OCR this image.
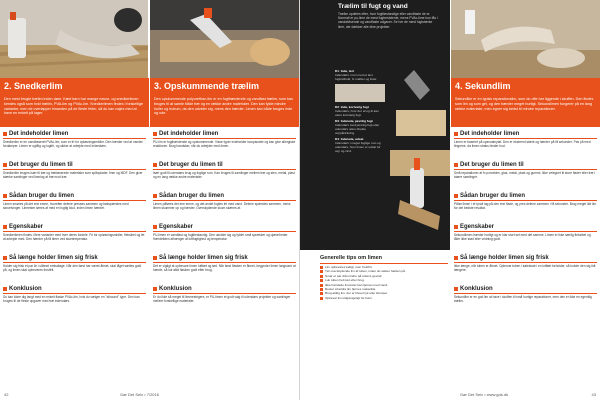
2. Snedkerlim
Den mest brugte trælim inden døre. Kært barn har mange navne, og snedkerlimen kendes også som hvid trælim, PVA-lim og PVAc-lim. Snedkerlimen findes i forskellige varianter, men de overlapper hinanden på de fleste felter, så du kan nøjes med at have en enkelt på lager.
Det indeholder limen
Snedkerlim er en vandbaseret PVAc-lim, som er fri for opløsningsmidler. Den hærder ved at vandet fordamper. Limen er ugiftig og lugtfri, og sikker at arbejde med indendørs.
Det bruger du limen til
Snedkerlim bruges især til træ og træbaserede materialer som spånplader, finer og MDF. Den giver stærke samlinger ved limning af træ mod træ.
Sådan bruger du limen
Limen smøres på det ene emne, hvorefter delene presses sammen og fastspændes med skruetvinger. Limrester tørres af med en fugtig klud, inden limen hærder.
Egenskaber
Snedkerlimen findes i flere varianter med hver deres fordele. Fri for opløsningsmidler, fleksibel og let at arbejde med. Den hærder på få timer ved stuetemperatur.
Så længe holder limen sig frisk
Holder sig frisk et par år i uåbnet emballage. Når den først har været åbnet, skal låget sættes godt på, og limen skal opbevares frostfrit.
Konklusion
Du kan klare dig langt med en enkelt flaske PVAc-lim, hvis du vælger en "allround" type. Den kan bruges til de fleste opgaver med træ indendørs.
3. Opskummende trælim
Den opskummende polyurethan-lim er en fugthærdende og vandfast trælim, som kan bruges til at samle både træ og en række andre materialer. Den kan fylde mindre huller og hulrum, da den udvider sig, mens den hærder. Limen kan både bruges inde og ude.
Det indeholder limen
PU-lim er fugthærdende og opskummende. Visse typer indeholder isocyanater og kan give allergiske reaktioner. Brug handsker, når du arbejder med limen.
Det bruger du limen til
Især godt til udendørs brug og fugtige rum. Kan bruges til samlinger mellem træ og sten, metal, plast og en lang række andre materialer.
Sådan bruger du limen
Limen påføres det ene emne, og det andet fugtes let med vand. Delene spændes sammen, mens limen skummer op og hærder. Overskydende skum skæres af.
Egenskaber
PU-limen er vandfast og fugtbestandig. Den udvider sig og fylder små sprækker og ujævnheder. Hærdetiden afhænger af luftfugtighed og temperatur.
Så længe holder limen sig frisk
Det er vigtigt at opbevare limen lufttæt og tørt. Når først flasken er åbnet, begynder limen langsomt at hærde, så luk altid flasken godt efter brug.
Konklusion
Er du ikke så meget til limmestrigere, er PU-limen et godt valg til udendørs projekter og samlinger mellem forskellige materialer.
42	Gør Det Selv • 7/2016
Trælim til fugt og vand
Trælim opdeles efter, hvor fugtbestandige eller vandfaste de er. Normalt er pu-lime de mest fugtresistente, mens PVAc-lime kun fås i vandafvisende og vandfaste udgaver. Se her de mest fugtstærke lime, der dækker alle dine projekter.
D1: Inde, tørt
Indendørs i rum med et lavt fugtindhold, fx møbler og lister.
D2: Inde, kortvarig fugt
Indendørs, hvor der af og til kan være kortvarig fugt.
D3: Inde/ude, jævnlig fugt
Indendørs med jævnlig fugt eller udendørs uden direkte vejrpåvirkning.
D4: Inde/ude, udsat
Indendørs i meget fugtige rum og udendørs, hvor limen er udsat for vejr og vind.
Generelle tips om limen
Lim opbevares køligt, men frostfrit.
Tør overskydende lim af tuben, inden du sætter hætten på.
Smør et par drå mindre på tubens gevind.
Luk tuben helt tæt efter brug.
Ikke hærdede limrester kan fjernes med vand.
Rester af ældre lim fjernes mekanisk.
Brug aldrig lim, der er blevet tyk eller klumpet.
Opbevar lim utilgængeligt for børn.
4. Sekundlim
Sekundlim er en typisk reparationslim, som du ofte har liggende i skuffen. Den findes som lim og som gel, og den hærder meget hurtigt. Sekundlimen fungerer på en lang række materialer, men egner sig bedst til mindre reparationer.
Det indeholder limen
Limen er baseret på cyanoakrylat. Den er ekstremt stærk og hærder på få sekunder. Pas på med fingrene, da limen straks binder hud.
Det bruger du limen til
Små reparationer af fx porcelæn, glas, metal, plast og gummi. Ikke velegnet til store flader eller træ i større samlinger.
Sådan bruger du limen
Påfør limen i et tyndt lag på den ene flade, og pres delene sammen i få sekunder. Brug meget lidt lim for det bedste resultat.
Egenskaber
Sekundlimen hærder hurtigt og er klar stort set med det samme. Limen er ikke særlig fleksibel og tåler ikke stød eller vridning godt.
Så længe holder limen sig frisk
Ikke længe, når tuben er åbnet. Opbevar tuben i køleskab i en lufttæt beholder, så holder den sig lidt længere.
Konklusion
Sekundlim er en god lim at have i skuffen til små hurtige reparationer, men den er ikke en egentlig trælim.
Gør Det Selv • www.gds.dk	43
